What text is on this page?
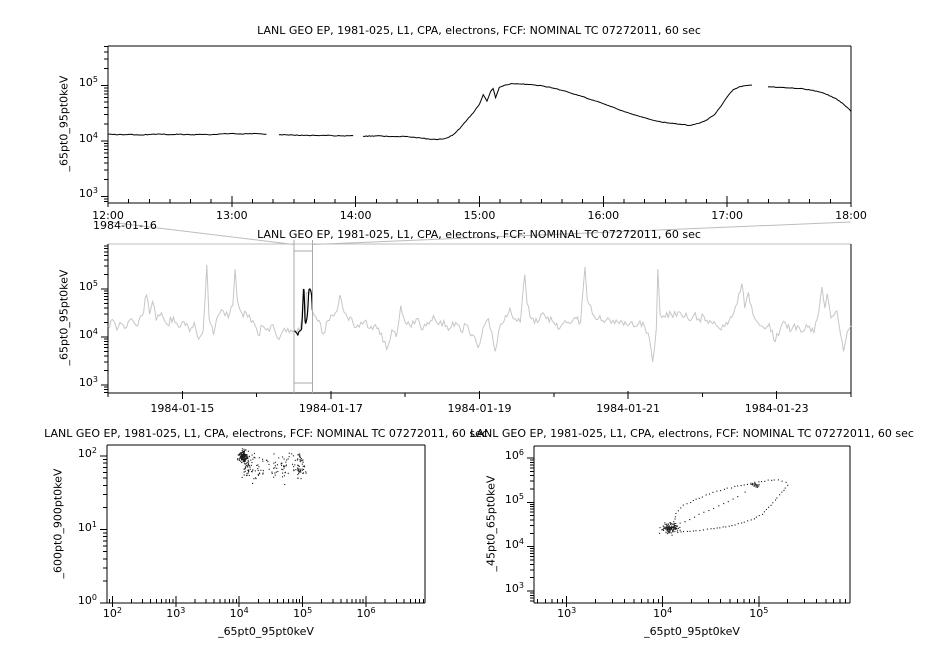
LANL GEO EP, 1981-025, L1, CPA, electrons, FCF: NOMINAL TC 07272011, 60 sec
LANL GEO EP, 1981-025, L1, CPA, electrons, FCF: NOMINAL TC 07272011, 60 sec
LANL GEO EP, 1981-025, L1, CPA, electrons, FCF: NOMINAL TC 07272011, 60 sec
LANL GEO EP, 1981-025, L1, CPA, electrons, FCF: NOMINAL TC 07272011, 60 sec
1984-01-16
_65pt0_95pt0keV
_65pt0_95pt0keV
_600pt0_900pt0keV	_45pt0_65pt0keV
_65pt0_95pt0keV	_65pt0_95pt0keV
$10^3$
$10^4$
$10^5$
12:00	13:00	14:00	15:00	16:00	17:00	18:00
$10^3$
$10^4$
$10^5$
1984-01-15	1984-01-17	1984-01-19	1984-01-21	1984-01-23
$10^0$
$10^1$
$10^2$
$10^2$	$10^3$	$10^4$	$10^5$	$10^6$
$10^3$
$10^4$
$10^5$
$10^6$
$10^3$	$10^4$	$10^5$
